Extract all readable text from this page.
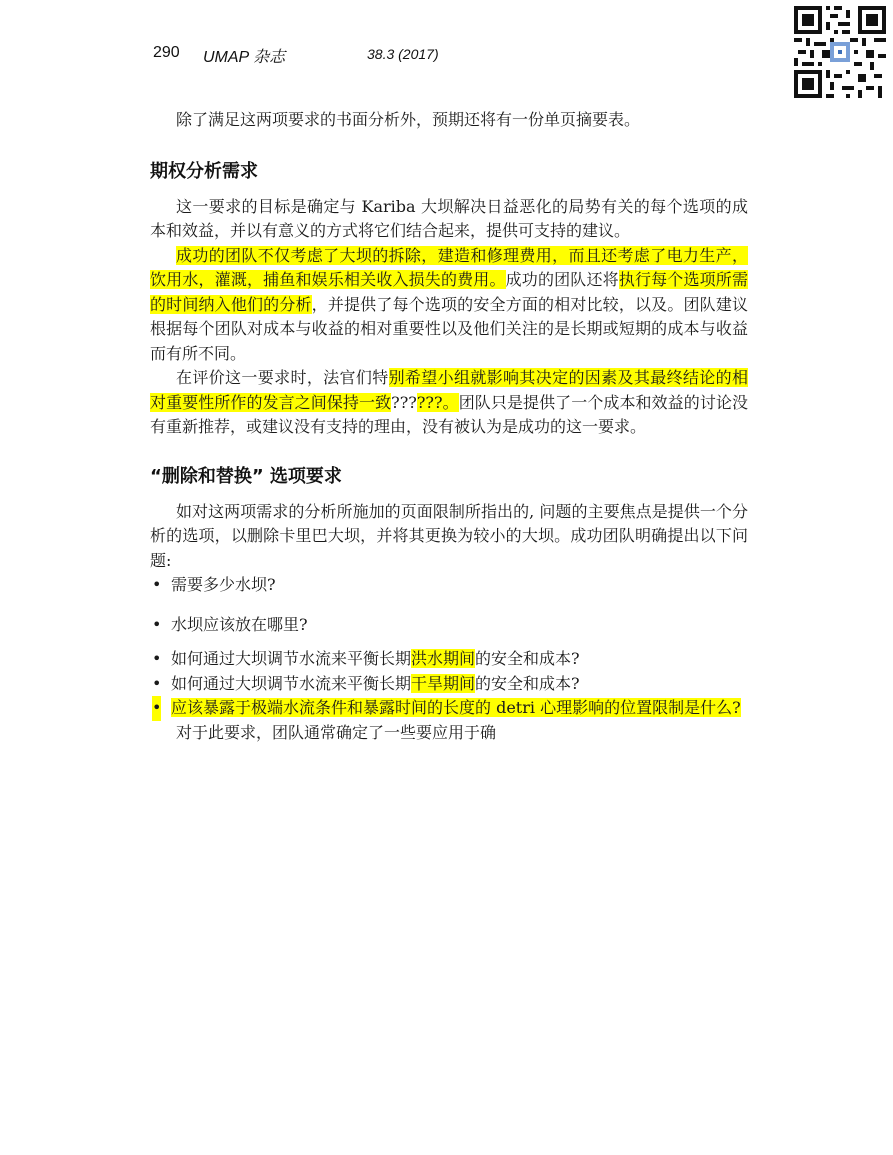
290 UMAP 杂志	38.3 (2017)

除了满足这两项要求的书面分析外，预期还将有一份单页摘要表。

期权分析需求

这一要求的目标是确定与 Kariba 大坝解决日益恶化的局势有关的每个选项的成本和效益，并以有意义的方式将它们结合起来，提供可支持的建议。

成功的团队不仅考虑了大坝的拆除，建造和修理费用，而且还考虑了电力生产，饮用水，灌溉，捕鱼和娱乐相关收入损失的费用。成功的团队还将执行每个选项所需的时间纳入他们的分析，并提供了每个选项的安全方面的相对比较，以及。团队建议根据每个团队对成本与收益的相对重要性以及他们关注的是长期或短期的成本与收益而有所不同。

在评价这一要求时，法官们特别希望小组就影响其决定的因素及其最终结论的相对重要性所作的发言之间保持一致??????。团队只是提供了一个成本和效益的讨论没有重新推荐，或建议没有支持的理由，没有被认为是成功的这一要求。

“删除和替换” 选项要求

如对这两项需求的分析所施加的页面限制所指出的, 问题的主要焦点是提供一个分析的选项，以删除卡里巴大坝，并将其更换为较小的大坝。成功团队明确提出以下问题:

• 需要多少水坝?
• 水坝应该放在哪里?
• 如何通过大坝调节水流来平衡长期洪水期间的安全和成本?
• 如何通过大坝调节水流来平衡长期干旱期间的安全和成本?
• 应该暴露于极端水流条件和暴露时间的长度的 detri 心理影响的位置限制是什么?

对于此要求，团队通常确定了一些要应用于确
